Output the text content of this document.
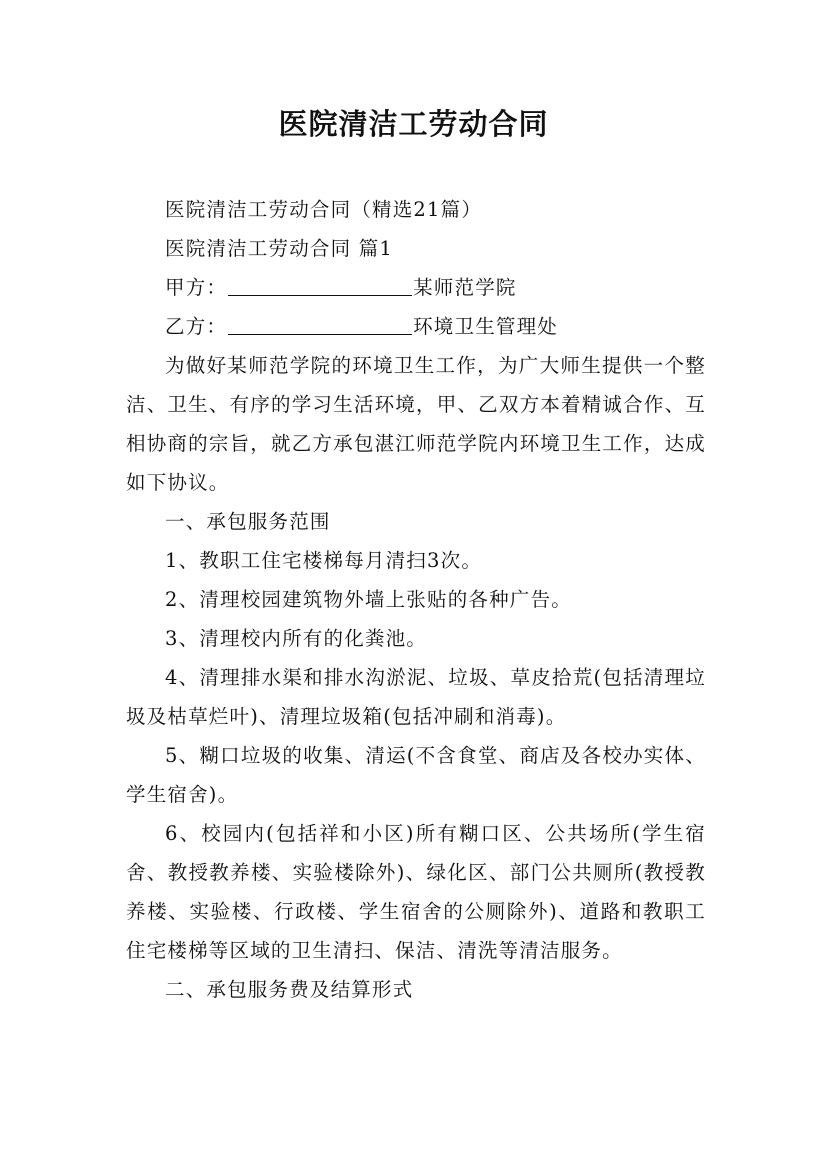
医院清洁工劳动合同

医院清洁工劳动合同（精选21篇）

医院清洁工劳动合同 篇1

甲方：	某师范学院

乙方：	环境卫生管理处

为做好某师范学院的环境卫生工作，为广大师生提供一个整洁、卫生、有序的学习生活环境，甲、乙双方本着精诚合作、互相协商的宗旨，就乙方承包湛江师范学院内环境卫生工作，达成如下协议。

一、承包服务范围

1、教职工住宅楼梯每月清扫3次。

2、清理校园建筑物外墙上张贴的各种广告。

3、清理校内所有的化粪池。

4、清理排水渠和排水沟淤泥、垃圾、草皮拾荒(包括清理垃圾及枯草烂叶)、清理垃圾箱(包括冲刷和消毒)。

5、糊口垃圾的收集、清运(不含食堂、商店及各校办实体、学生宿舍)。

6、校园内(包括祥和小区)所有糊口区、公共场所(学生宿舍、教授教养楼、实验楼除外)、绿化区、部门公共厕所(教授教养楼、实验楼、行政楼、学生宿舍的公厕除外)、道路和教职工住宅楼梯等区域的卫生清扫、保洁、清洗等清洁服务。

二、承包服务费及结算形式
